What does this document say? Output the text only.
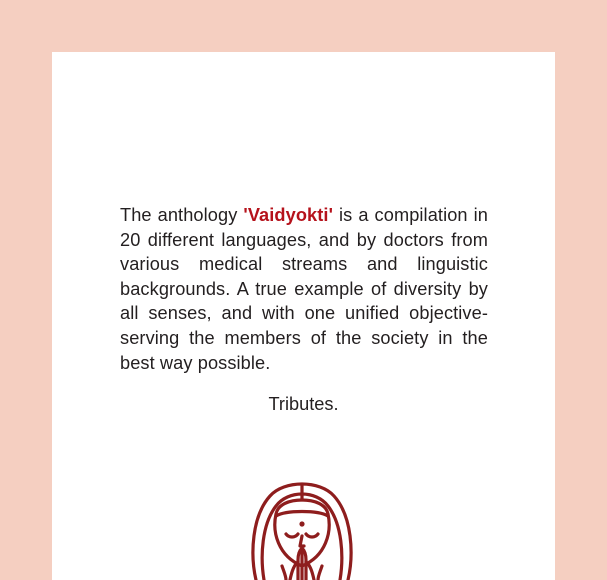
The anthology 'Vaidyokti' is a compilation in 20 different languages, and by doctors from various medical streams and linguistic backgrounds. A true example of diversity by all senses, and with one unified objective- serving the members of the society in the best way possible.

Tributes.
